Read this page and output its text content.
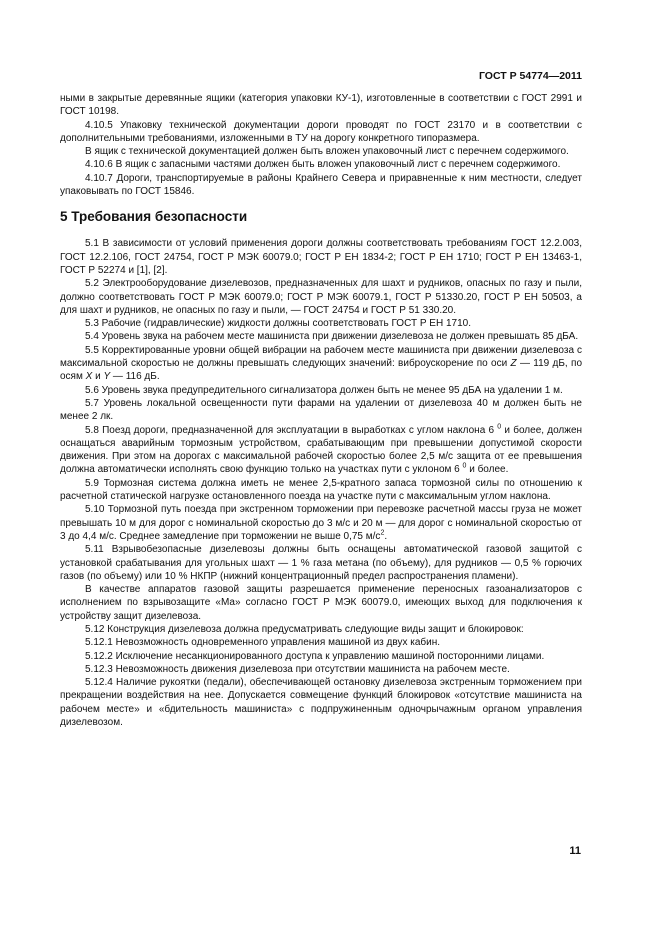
ГОСТ Р 54774—2011

ными в закрытые деревянные ящики (категория упаковки КУ-1), изготовленные в соответствии с ГОСТ 2991 и ГОСТ 10198.

4.10.5 Упаковку технической документации дороги проводят по ГОСТ 23170 и в соответствии с дополнительными требованиями, изложенными в ТУ на дорогу конкретного типоразмера.

В ящик с технической документацией должен быть вложен упаковочный лист с перечнем содержимого.

4.10.6 В ящик с запасными частями должен быть вложен упаковочный лист с перечнем содержимого.

4.10.7 Дороги, транспортируемые в районы Крайнего Севера и приравненные к ним местности, следует упаковывать по ГОСТ 15846.

5 Требования безопасности

5.1 В зависимости от условий применения дороги должны соответствовать требованиям ГОСТ 12.2.003, ГОСТ 12.2.106, ГОСТ 24754, ГОСТ Р МЭК 60079.0; ГОСТ Р ЕН 1834-2; ГОСТ Р ЕН 1710; ГОСТ Р ЕН 13463-1, ГОСТ Р 52274 и [1], [2].

5.2 Электрооборудование дизелевозов, предназначенных для шахт и рудников, опасных по газу и пыли, должно соответствовать ГОСТ Р МЭК 60079.0; ГОСТ Р МЭК 60079.1, ГОСТ Р 51330.20, ГОСТ Р ЕН 50503, а для шахт и рудников, не опасных по газу и пыли, — ГОСТ 24754 и ГОСТ Р 51 330.20.

5.3 Рабочие (гидравлические) жидкости должны соответствовать ГОСТ Р ЕН 1710.

5.4 Уровень звука на рабочем месте машиниста при движении дизелевоза не должен превышать 85 дБА.

5.5 Корректированные уровни общей вибрации на рабочем месте машиниста при движении дизелевоза с максимальной скоростью не должны превышать следующих значений: виброускорение по оси Z — 119 дБ, по осям X и Y — 116 дБ.

5.6 Уровень звука предупредительного сигнализатора должен быть не менее 95 дБА на удалении 1 м.

5.7 Уровень локальной освещенности пути фарами на удалении от дизелевоза 40 м должен быть не менее 2 лк.

5.8 Поезд дороги, предназначенной для эксплуатации в выработках с углом наклона 6 $^0$ и более, должен оснащаться аварийным тормозным устройством, срабатывающим при превышении допустимой скорости движения. При этом на дорогах с максимальной рабочей скоростью более 2,5 м/с защита от ее превышения должна автоматически исполнять свою функцию только на участках пути с уклоном 6 $^0$ и более.

5.9 Тормозная система должна иметь не менее 2,5-кратного запаса тормозной силы по отношению к расчетной статической нагрузке остановленного поезда на участке пути с максимальным углом наклона.

5.10 Тормозной путь поезда при экстренном торможении при перевозке расчетной массы груза не может превышать 10 м для дорог с номинальной скоростью до 3 м/с и 20 м — для дорог с номинальной скоростью от 3 до 4,4 м/с. Среднее замедление при торможении не выше 0,75 $м/с^2$.

5.11 Взрывобезопасные дизелевозы должны быть оснащены автоматической газовой защитой с установкой срабатывания для угольных шахт — 1 % газа метана (по объему), для рудников — 0,5 % горючих газов (по объему) или 10 % НКПР (нижний концентрационный предел распространения пламени).

В качестве аппаратов газовой защиты разрешается применение переносных газоанализаторов с исполнением по взрывозащите «Ма» согласно ГОСТ Р МЭК 60079.0, имеющих выход для подключения к устройству защит дизелевоза.

5.12 Конструкция дизелевоза должна предусматривать следующие виды защит и блокировок:

5.12.1 Невозможность одновременного управления машиной из двух кабин.

5.12.2 Исключение несанкционированного доступа к управлению машиной посторонними лицами.

5.12.3 Невозможность движения дизелевоза при отсутствии машиниста на рабочем месте.

5.12.4 Наличие рукоятки (педали), обеспечивающей остановку дизелевоза экстренным торможением при прекращении воздействия на нее. Допускается совмещение функций блокировок «отсутствие машиниста на рабочем месте» и «бдительность машиниста» с подпружиненным одночрычажным органом управления дизелевозом.

11
